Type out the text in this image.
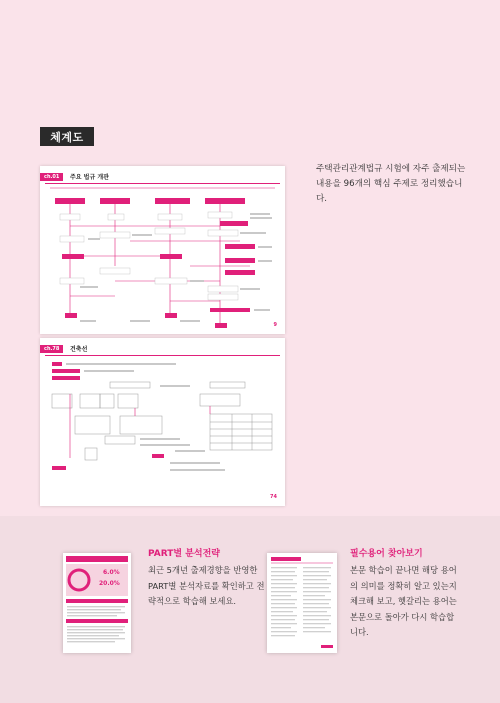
체계도
주택관리관계법규 시험에 자주 출제되는 내용을 96개의 핵심 주제로 정리했습니다.
ch.01	주요 법규 개관
9
ch.78	건축선
74
6.0%
20.0%
PART별 분석전략
최근 5개년 출제경향을 반영한 PART별 분석자료를 확인하고 전략적으로 학습해 보세요.
필수용어 찾아보기
본문 학습이 끝나면 해당 용어의 의미를 정확히 알고 있는지 체크해 보고, 헷갈리는 용어는 본문으로 돌아가 다시 학습합니다.
